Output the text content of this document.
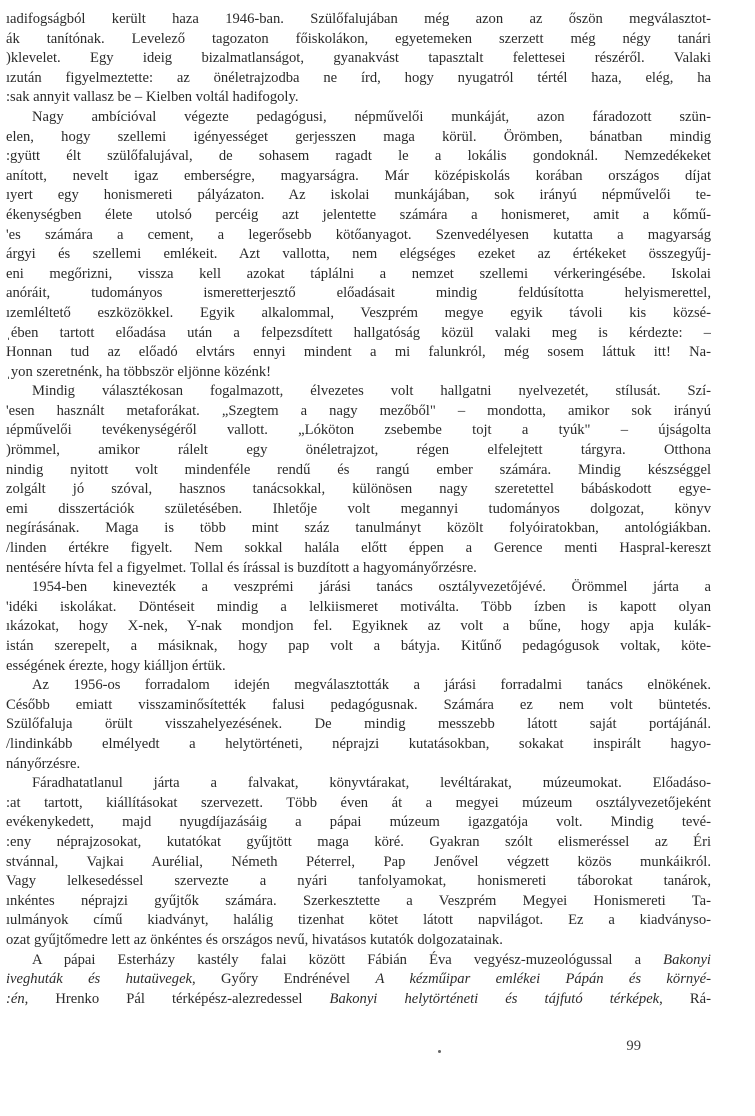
ıadifogságból került haza 1946-ban. Szülőfalujában még azon az őszön megválasztot-
ák tanítónak. Levelező tagozaton főiskolákon, egyetemeken szerzett még négy tanári
)klevelet. Egy ideig bizalmatlanságot, gyanakvást tapasztalt felettesei részéről. Valaki
ızután figyelmeztette: az önéletrajzodba ne írd, hogy nyugatról tértél haza, elég, ha
:sak annyit vallasz be – Kielben voltál hadifogoly.
Nagy ambícióval végezte pedagógusi, népművelői munkáját, azon fáradozott szün-
elen, hogy szellemi igényességet gerjesszen maga körül. Örömben, bánatban mindig
:gyütt élt szülőfalujával, de sohasem ragadt le a lokális gondoknál. Nemzedékeket
anított, nevelt igaz emberségre, magyarságra. Már középiskolás korában országos díjat
ıyert egy honismereti pályázaton. Az iskolai munkájában, sok irányú népművelői te-
ékenységben élete utolsó percéig azt jelentette számára a honismeret, amit a kőmű-
'es számára a cement, a legerősebb kötőanyagot. Szenvedélyesen kutatta a magyarság
árgyi és szellemi emlékeit. Azt vallotta, nem elégséges ezeket az értékeket összegyűj-
eni megőrizni, vissza kell azokat táplálni a nemzet szellemi vérkeringésébe. Iskolai
anóráit, tudományos ismeretterjesztő előadásait mindig feldúsította helyismerettel,
ızemléltető eszközökkel. Egyik alkalommal, Veszprém megye egyik távoli kis közsé-
ˌében tartott előadása után a felpezsdített hallgatóság közül valaki meg is kérdezte: –
Honnan tud az előadó elvtárs ennyi mindent a mi falunkról, még sosem láttuk itt! Na-
ˌyon szeretnénk, ha többször eljönne közénk!
Mindig választékosan fogalmazott, élvezetes volt hallgatni nyelvezetét, stílusát. Szí-
'esen használt metaforákat. „Szegtem a nagy mezőből" – mondotta, amikor sok irányú
ıépművelői tevékenységéről vallott. „Lóköton zsebembe tojt a tyúk" – újságolta
)römmel, amikor rálelt egy önéletrajzot, régen elfelejtett tárgyra. Otthona
nindig nyitott volt mindenféle rendű és rangú ember számára. Mindig készséggel
zolgált jó szóval, hasznos tanácsokkal, különösen nagy szeretettel bábáskodott egye-
emi disszertációk születésében. Ihletője volt megannyi tudományos dolgozat, könyv
negírásának. Maga is több mint száz tanulmányt közölt folyóiratokban, antológiákban.
/linden értékre figyelt. Nem sokkal halála előtt éppen a Gerence menti Haspral-kereszt
nentésére hívta fel a figyelmet. Tollal és írással is buzdított a hagyományőrzésre.
1954-ben kinevezték a veszprémi járási tanács osztályvezetőjévé. Örömmel járta a
'idéki iskolákat. Döntéseit mindig a lelkiismeret motiválta. Több ízben is kapott olyan
ıkázokat, hogy X-nek, Y-nak mondjon fel. Egyiknek az volt a bűne, hogy apja kulák-
istán szerepelt, a másiknak, hogy pap volt a bátyja. Kitűnő pedagógusok voltak, köte-
ességének érezte, hogy kiálljon értük.
Az 1956-os forradalom idején megválasztották a járási forradalmi tanács elnökének.
Césőbb emiatt visszaminősítették falusi pedagógusnak. Számára ez nem volt büntetés.
Szülőfalujа örült visszahelyezésének. De mindig messzebb látott saját portájánál.
/lindinkább elmélyedt a helytörténeti, néprajzi kutatásokban, sokakat inspirált hagyo-
nányőrzésre.
Fáradhatatlanul járta a falvakat, könyvtárakat, levéltárakat, múzeumokat. Előadáso-
:at tartott, kiállításokat szervezett. Több éven át a megyei múzeum osztályvezetőjeként
evékenykedett, majd nyugdíjazásáig a pápai múzeum igazgatója volt. Mindig tevé-
:eny néprajzosokat, kutatókat gyűjtött maga köré. Gyakran szólt elismeréssel az Éri
stvánnal, Vajkai Aurélial, Németh Péterrel, Pap Jenővel végzett közös munkáikról.
Vagy lelkesedéssel szervezte a nyári tanfolyamokat, honismereti táborokat tanárok,
ınkéntes néprajzi gyűjtők számára. Szerkesztette a Veszprém Megyei Honismereti Ta-
ıulmányok című kiadványt, halálig tizenhat kötet látott napvilágot. Ez a kiadványso-
ozat gyűjtőmedre lett az önkéntes és országos nevű, hivatásos kutatók dolgozatainak.
A pápai Esterházy kastély falai között Fábián Éva vegyész-muzeológussal a Bakonyi
iveghuták és hutaüvegek, Győry Endrénével A kézműipar emlékei Pápán és környé-
:én, Hrenko Pál térképész-alezredessel Bakonyi helytörténeti és tájfutó térképek, Rá-
99
